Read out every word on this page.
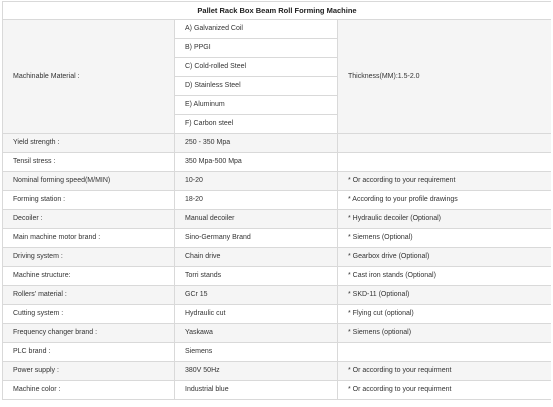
Pallet Rack Box Beam Roll Forming Machine		
Machinable Material :	A) Galvanized Coil	Thickness(MM):1.5-2.0
	B) PPGI	
	C) Cold-rolled Steel	
	D) Stainless Steel	
	E) Aluminum	
	F) Carbon steel	
Yield strength :	250 - 350 Mpa	
Tensil stress :	350 Mpa-500 Mpa	
Nominal forming speed(M/MIN)	10-20	* Or according to your requirement
Forming station :	18-20	* According to your profile drawings
Decoiler :	Manual decoiler	* Hydraulic decoiler (Optional)
Main machine motor brand :	Sino-Germany Brand	* Siemens (Optional)
Driving system :	Chain drive	* Gearbox drive (Optional)
Machine structure:	Torri stands	* Cast iron stands (Optional)
Rollers' material :	GCr 15	* SKD-11 (Optional)
Cutting system :	Hydraulic cut	* Flying cut (optional)
Frequency changer brand :	Yaskawa	* Siemens (optional)
PLC brand :	Siemens	
Power supply :	380V 50Hz	* Or according to your requirment
Machine color :	Industrial blue	* Or according to your requirment
